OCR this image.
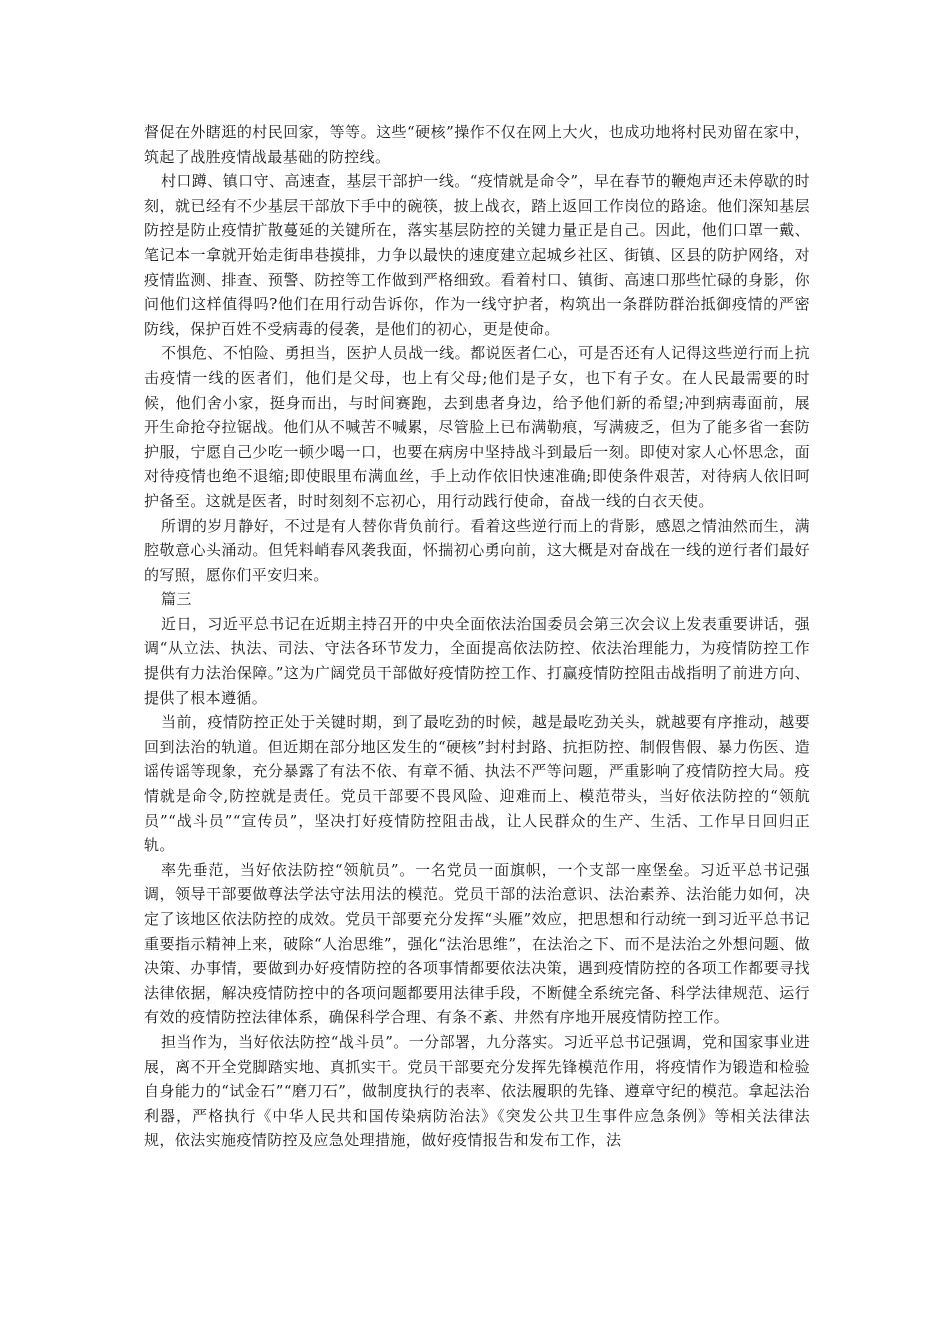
督促在外瞎逛的村民回家，等等。这些“硬核”操作不仅在网上大火，也成功地将村民劝留在家中，筑起了战胜疫情战最基础的防控线。

村口蹲、镇口守、高速查，基层干部护一线。“疫情就是命令”，早在春节的鞭炮声还未停歇的时刻，就已经有不少基层干部放下手中的碗筷，披上战衣，踏上返回工作岗位的路途。他们深知基层防控是防止疫情扩散蔓延的关键所在，落实基层防控的关键力量正是自己。因此，他们口罩一戴、笔记本一拿就开始走街串巷摸排，力争以最快的速度建立起城乡社区、街镇、区县的防护网络，对疫情监测、排查、预警、防控等工作做到严格细致。看着村口、镇街、高速口那些忙碌的身影，你问他们这样值得吗?他们在用行动告诉你，作为一线守护者，构筑出一条群防群治抵御疫情的严密防线，保护百姓不受病毒的侵袭，是他们的初心，更是使命。

不惧危、不怕险、勇担当，医护人员战一线。都说医者仁心，可是否还有人记得这些逆行而上抗击疫情一线的医者们，他们是父母，也上有父母;他们是子女，也下有子女。在人民最需要的时候，他们舍小家，挺身而出，与时间赛跑，去到患者身边，给予他们新的希望;冲到病毒面前，展开生命抢夺拉锯战。他们从不喊苦不喊累，尽管脸上已布满勒痕，写满疲乏，但为了能多省一套防护服，宁愿自己少吃一顿少喝一口，也要在病房中坚持战斗到最后一刻。即使对家人心怀思念，面对待疫情也绝不退缩;即使眼里布满血丝，手上动作依旧快速准确;即使条件艰苦，对待病人依旧呵护备至。这就是医者，时时刻刻不忘初心，用行动践行使命，奋战一线的白衣天使。

所谓的岁月静好，不过是有人替你背负前行。看着这些逆行而上的背影，感恩之情油然而生，满腔敬意心头涌动。但凭料峭春风袭我面，怀揣初心勇向前，这大概是对奋战在一线的逆行者们最好的写照，愿你们平安归来。

篇三

近日，习近平总书记在近期主持召开的中央全面依法治国委员会第三次会议上发表重要讲话，强调“从立法、执法、司法、守法各环节发力，全面提高依法防控、依法治理能力，为疫情防控工作提供有力法治保障。”这为广阔党员干部做好疫情防控工作、打赢疫情防控阻击战指明了前进方向、提供了根本遵循。

当前，疫情防控正处于关键时期，到了最吃劲的时候，越是最吃劲关头，就越要有序推动，越要回到法治的轨道。但近期在部分地区发生的“硬核”封村封路、抗拒防控、制假售假、暴力伤医、造谣传谣等现象，充分暴露了有法不依、有章不循、执法不严等问题，严重影响了疫情防控大局。疫情就是命令,防控就是责任。党员干部要不畏风险、迎难而上、模范带头，当好依法防控的“领航员”“战斗员”“宣传员”，坚决打好疫情防控阻击战，让人民群众的生产、生活、工作早日回归正轨。

率先垂范，当好依法防控“领航员”。一名党员一面旗帜，一个支部一座堡垒。习近平总书记强调，领导干部要做尊法学法守法用法的模范。党员干部的法治意识、法治素养、法治能力如何，决定了该地区依法防控的成效。党员干部要充分发挥“头雁”效应，把思想和行动统一到习近平总书记重要指示精神上来，破除“人治思维”，强化“法治思维”，在法治之下、而不是法治之外想问题、做决策、办事情，要做到办好疫情防控的各项事情都要依法决策，遇到疫情防控的各项工作都要寻找法律依据，解决疫情防控中的各项问题都要用法律手段，不断健全系统完备、科学法律规范、运行有效的疫情防控法律体系，确保科学合理、有条不紊、井然有序地开展疫情防控工作。

担当作为，当好依法防控“战斗员”。一分部署，九分落实。习近平总书记强调，党和国家事业进展，离不开全党脚踏实地、真抓实干。党员干部要充分发挥先锋模范作用，将疫情作为锻造和检验自身能力的“试金石”“磨刀石”，做制度执行的表率、依法履职的先锋、遵章守纪的模范。拿起法治利器，严格执行《中华人民共和国传染病防治法》《突发公共卫生事件应急条例》等相关法律法规，依法实施疫情防控及应急处理措施，做好疫情报告和发布工作，法
